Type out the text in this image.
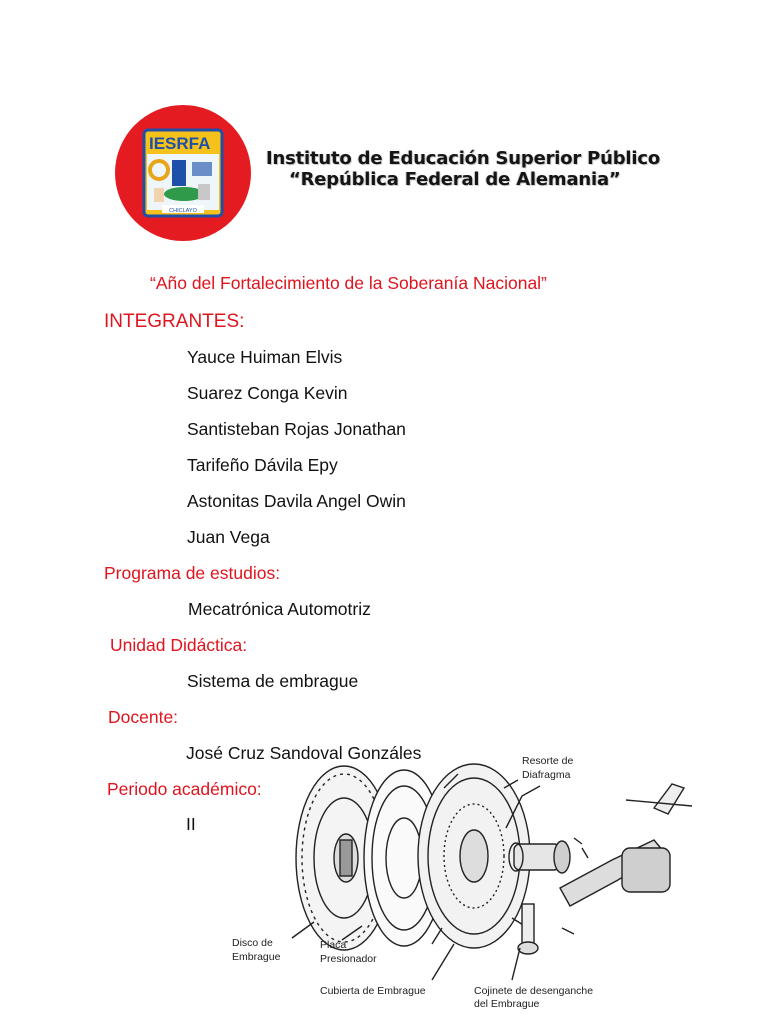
IESRFA
CHICLAYO
Instituto de Educación Superior Público
“República Federal de Alemania”
“Año del Fortalecimiento de la Soberanía Nacional”
INTEGRANTES:
Yauce Huiman Elvis
Suarez Conga Kevin
Santisteban Rojas Jonathan
Tarifeño Dávila Epy
Astonitas Davila Angel Owin
Juan Vega
Programa de estudios:
Mecatrónica Automotriz
Unidad Didáctica:
Sistema de embrague
Docente:
José Cruz Sandoval Gonzáles
Periodo académico:
II
Resorte de
Diafragma
Disco de
Embrague
Placa
Presionador
Cubierta de Embrague	Cojinete de desenganche
del Embrague
